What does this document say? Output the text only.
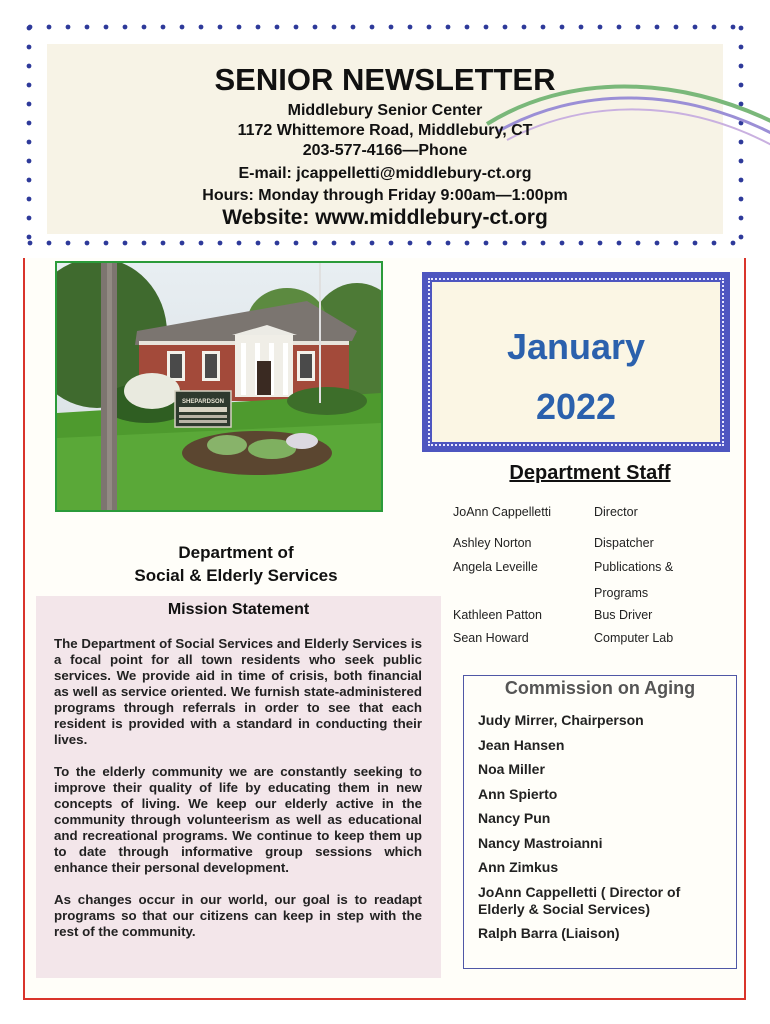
SENIOR NEWSLETTER
Middlebury Senior Center
1172 Whittemore Road, Middlebury, CT
203-577-4166—Phone
E-mail: jcappelletti@middlebury-ct.org
Hours: Monday through Friday 9:00am—1:00pm
Website: www.middlebury-ct.org
SHEPARDSON
Department of
Social & Elderly Services
Mission Statement

The Department of Social Services and Elderly Services is a focal point for all town residents who seek public services. We provide aid in time of crisis, both financial as well as service oriented. We furnish state-administered programs through referrals in order to see that each resident is provided with a standard in conducting their lives.

To the elderly community we are constantly seeking to improve their quality of life by educating them in new concepts of living. We keep our elderly active in the community through volunteerism as well as educational and recreational programs. We continue to keep them up to date through informative group sessions which enhance their personal development.

As changes occur in our world, our goal is to readapt programs so that our citizens can keep in step with the rest of the community.

January
2022
Department Staff
JoAnn Cappelletti	Director
Ashley Norton	Dispatcher
Angela Leveille	Publications &
Programs
Kathleen Patton	Bus Driver
Sean Howard	Computer Lab
Commission on Aging
Judy Mirrer, Chairperson
Jean Hansen
Noa Miller
Ann Spierto
Nancy Pun
Nancy Mastroianni
Ann Zimkus
JoAnn Cappelletti ( Director of Elderly & Social Services)
Ralph Barra (Liaison)
